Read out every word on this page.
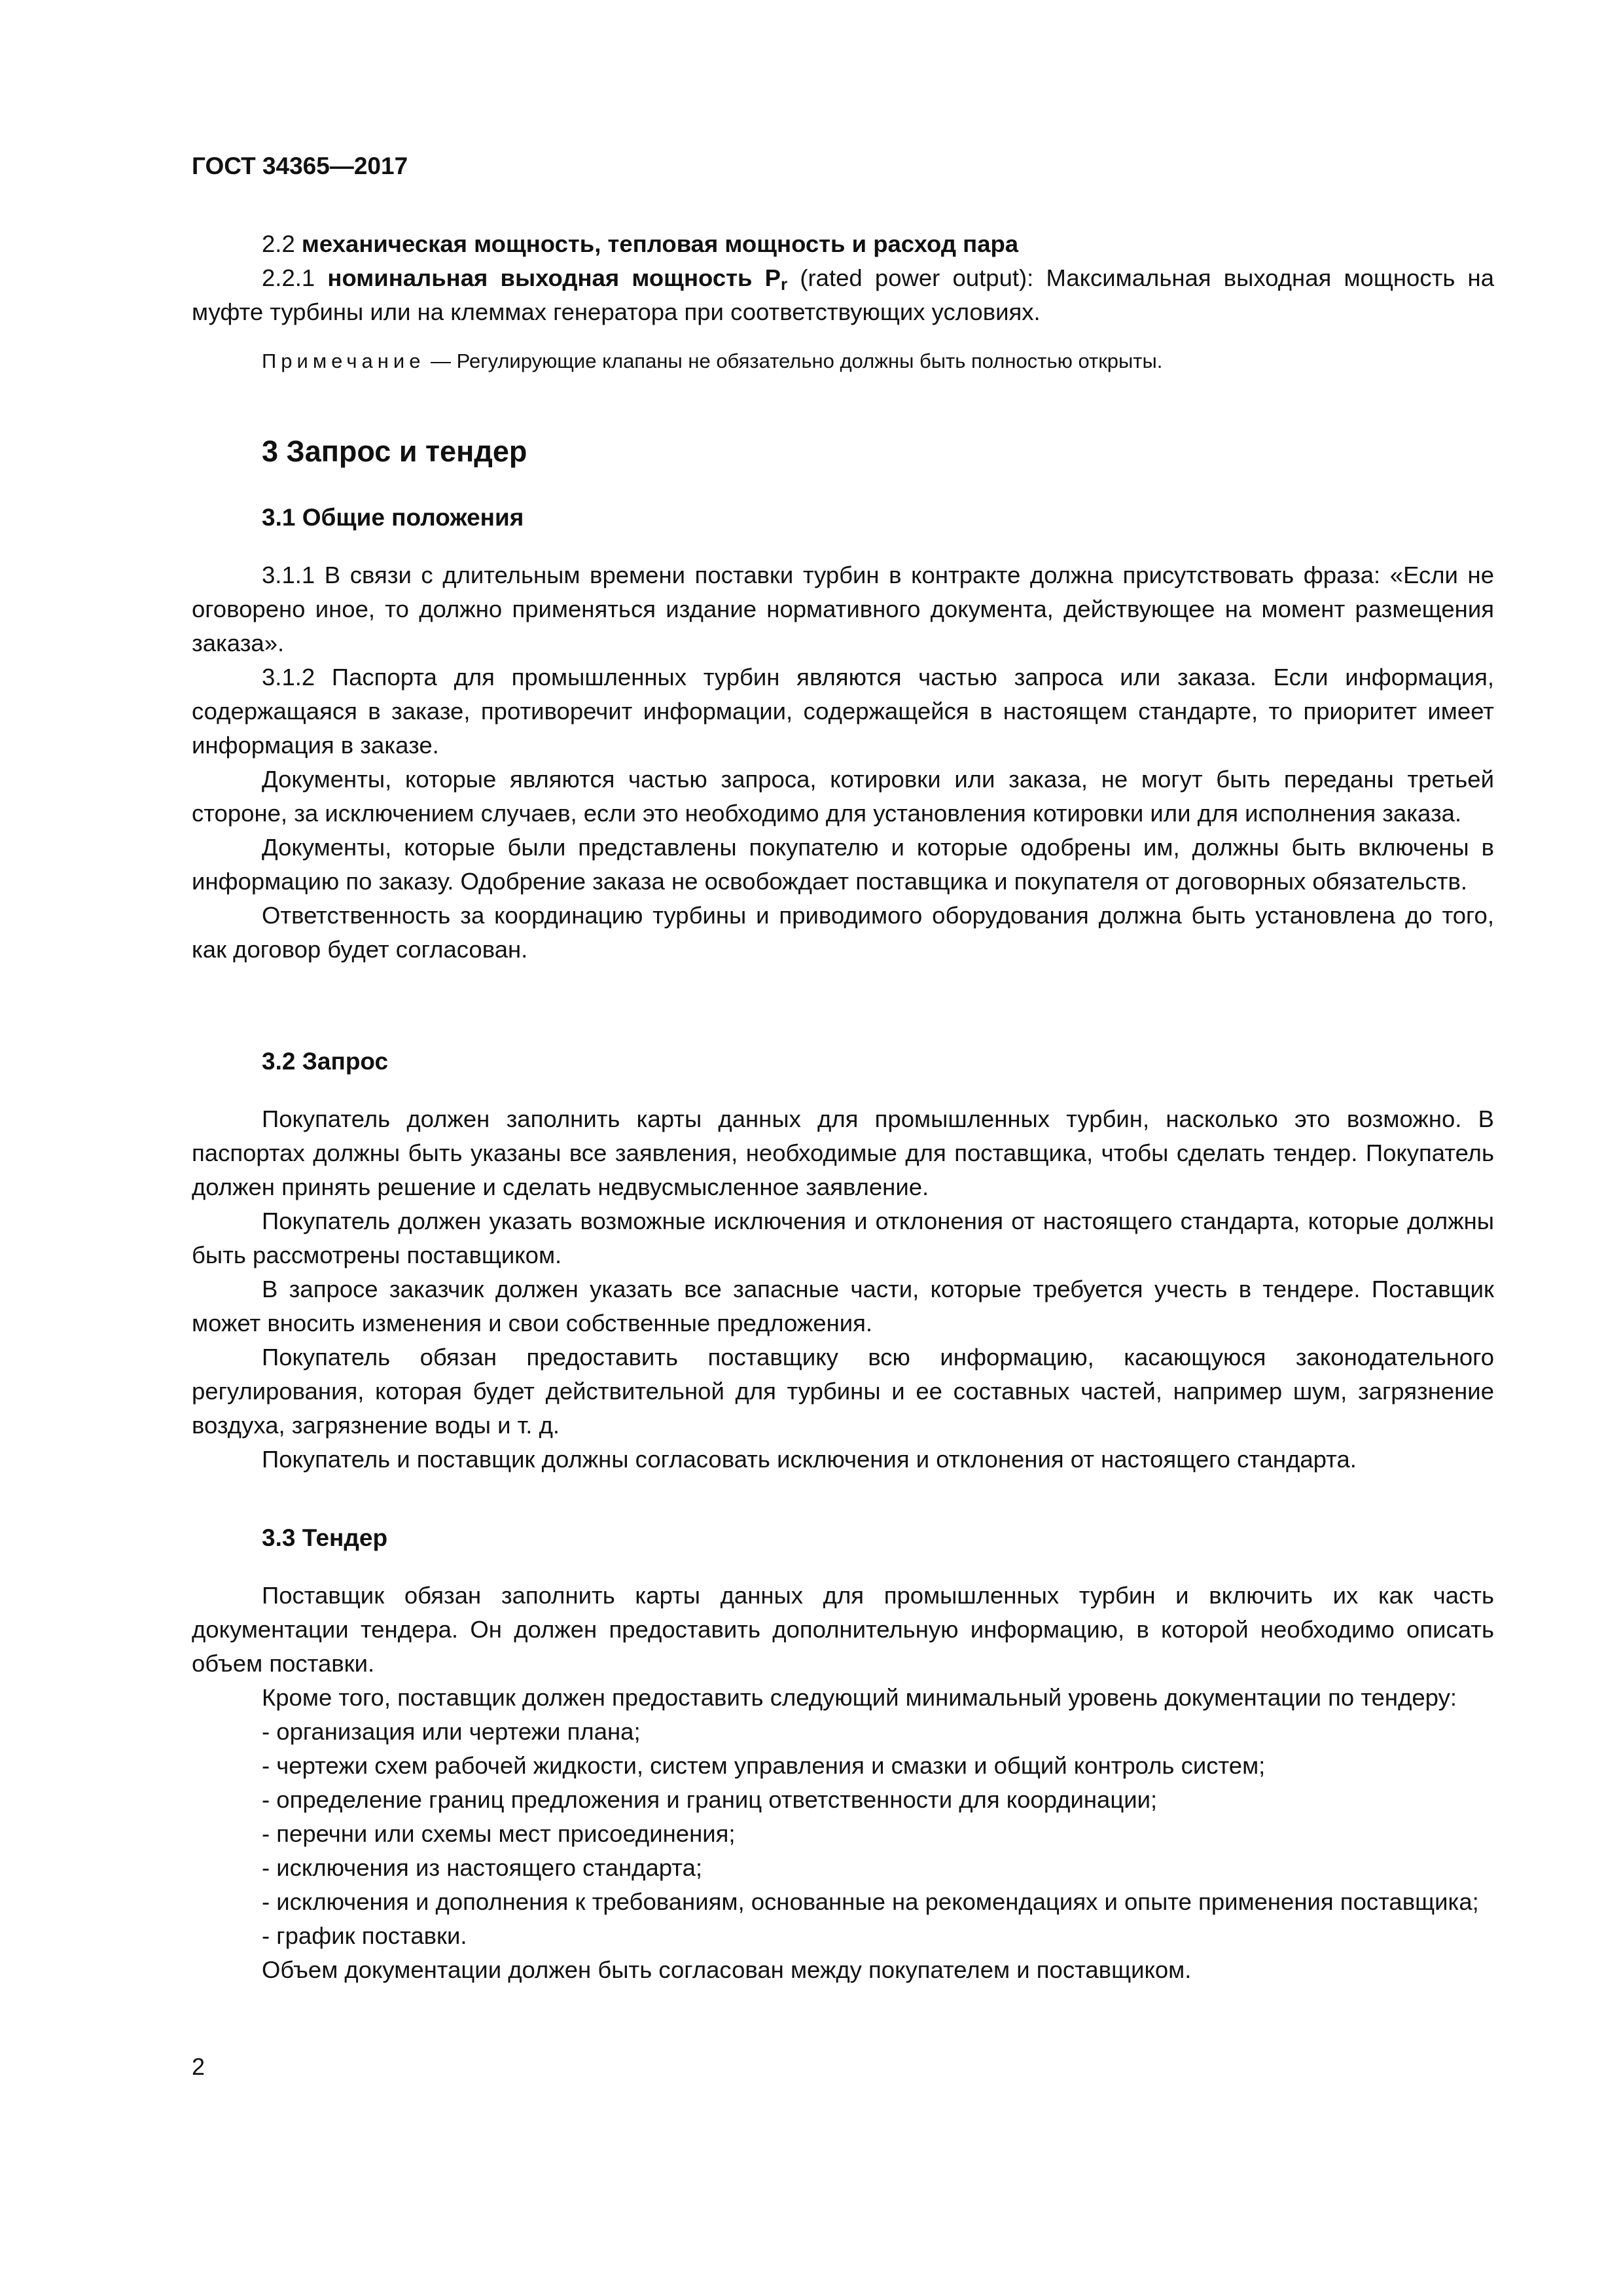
ГОСТ 34365—2017

2.2 механическая мощность, тепловая мощность и расход пара

2.2.1 номинальная выходная мощность $P_r$ (rated power output): Максимальная выходная мощность на муфте турбины или на клеммах генератора при соответствующих условиях.

Примечание — Регулирующие клапаны не обязательно должны быть полностью открыты.

3 Запрос и тендер
3.1 Общие положения

3.1.1 В связи с длительным времени поставки турбин в контракте должна присутствовать фраза: «Если не оговорено иное, то должно применяться издание нормативного документа, действующее на момент размещения заказа».

3.1.2 Паспорта для промышленных турбин являются частью запроса или заказа. Если информация, содержащаяся в заказе, противоречит информации, содержащейся в настоящем стандарте, то приоритет имеет информация в заказе.

Документы, которые являются частью запроса, котировки или заказа, не могут быть переданы третьей стороне, за исключением случаев, если это необходимо для установления котировки или для исполнения заказа.

Документы, которые были представлены покупателю и которые одобрены им, должны быть включены в информацию по заказу. Одобрение заказа не освобождает поставщика и покупателя от договорных обязательств.

Ответственность за координацию турбины и приводимого оборудования должна быть установлена до того, как договор будет согласован.

3.2 Запрос

Покупатель должен заполнить карты данных для промышленных турбин, насколько это возможно. В паспортах должны быть указаны все заявления, необходимые для поставщика, чтобы сделать тендер. Покупатель должен принять решение и сделать недвусмысленное заявление.

Покупатель должен указать возможные исключения и отклонения от настоящего стандарта, которые должны быть рассмотрены поставщиком.

В запросе заказчик должен указать все запасные части, которые требуется учесть в тендере. Поставщик может вносить изменения и свои собственные предложения.

Покупатель обязан предоставить поставщику всю информацию, касающуюся законодательного регулирования, которая будет действительной для турбины и ее составных частей, например шум, загрязнение воздуха, загрязнение воды и т. д.

Покупатель и поставщик должны согласовать исключения и отклонения от настоящего стандарта.

3.3 Тендер

Поставщик обязан заполнить карты данных для промышленных турбин и включить их как часть документации тендера. Он должен предоставить дополнительную информацию, в которой необходимо описать объем поставки.

Кроме того, поставщик должен предоставить следующий минимальный уровень документации по тендеру:

- организация или чертежи плана;

- чертежи схем рабочей жидкости, систем управления и смазки и общий контроль систем;

- определение границ предложения и границ ответственности для координации;

- перечни или схемы мест присоединения;

- исключения из настоящего стандарта;

- исключения и дополнения к требованиям, основанные на рекомендациях и опыте применения поставщика;

- график поставки.

Объем документации должен быть согласован между покупателем и поставщиком.

2
